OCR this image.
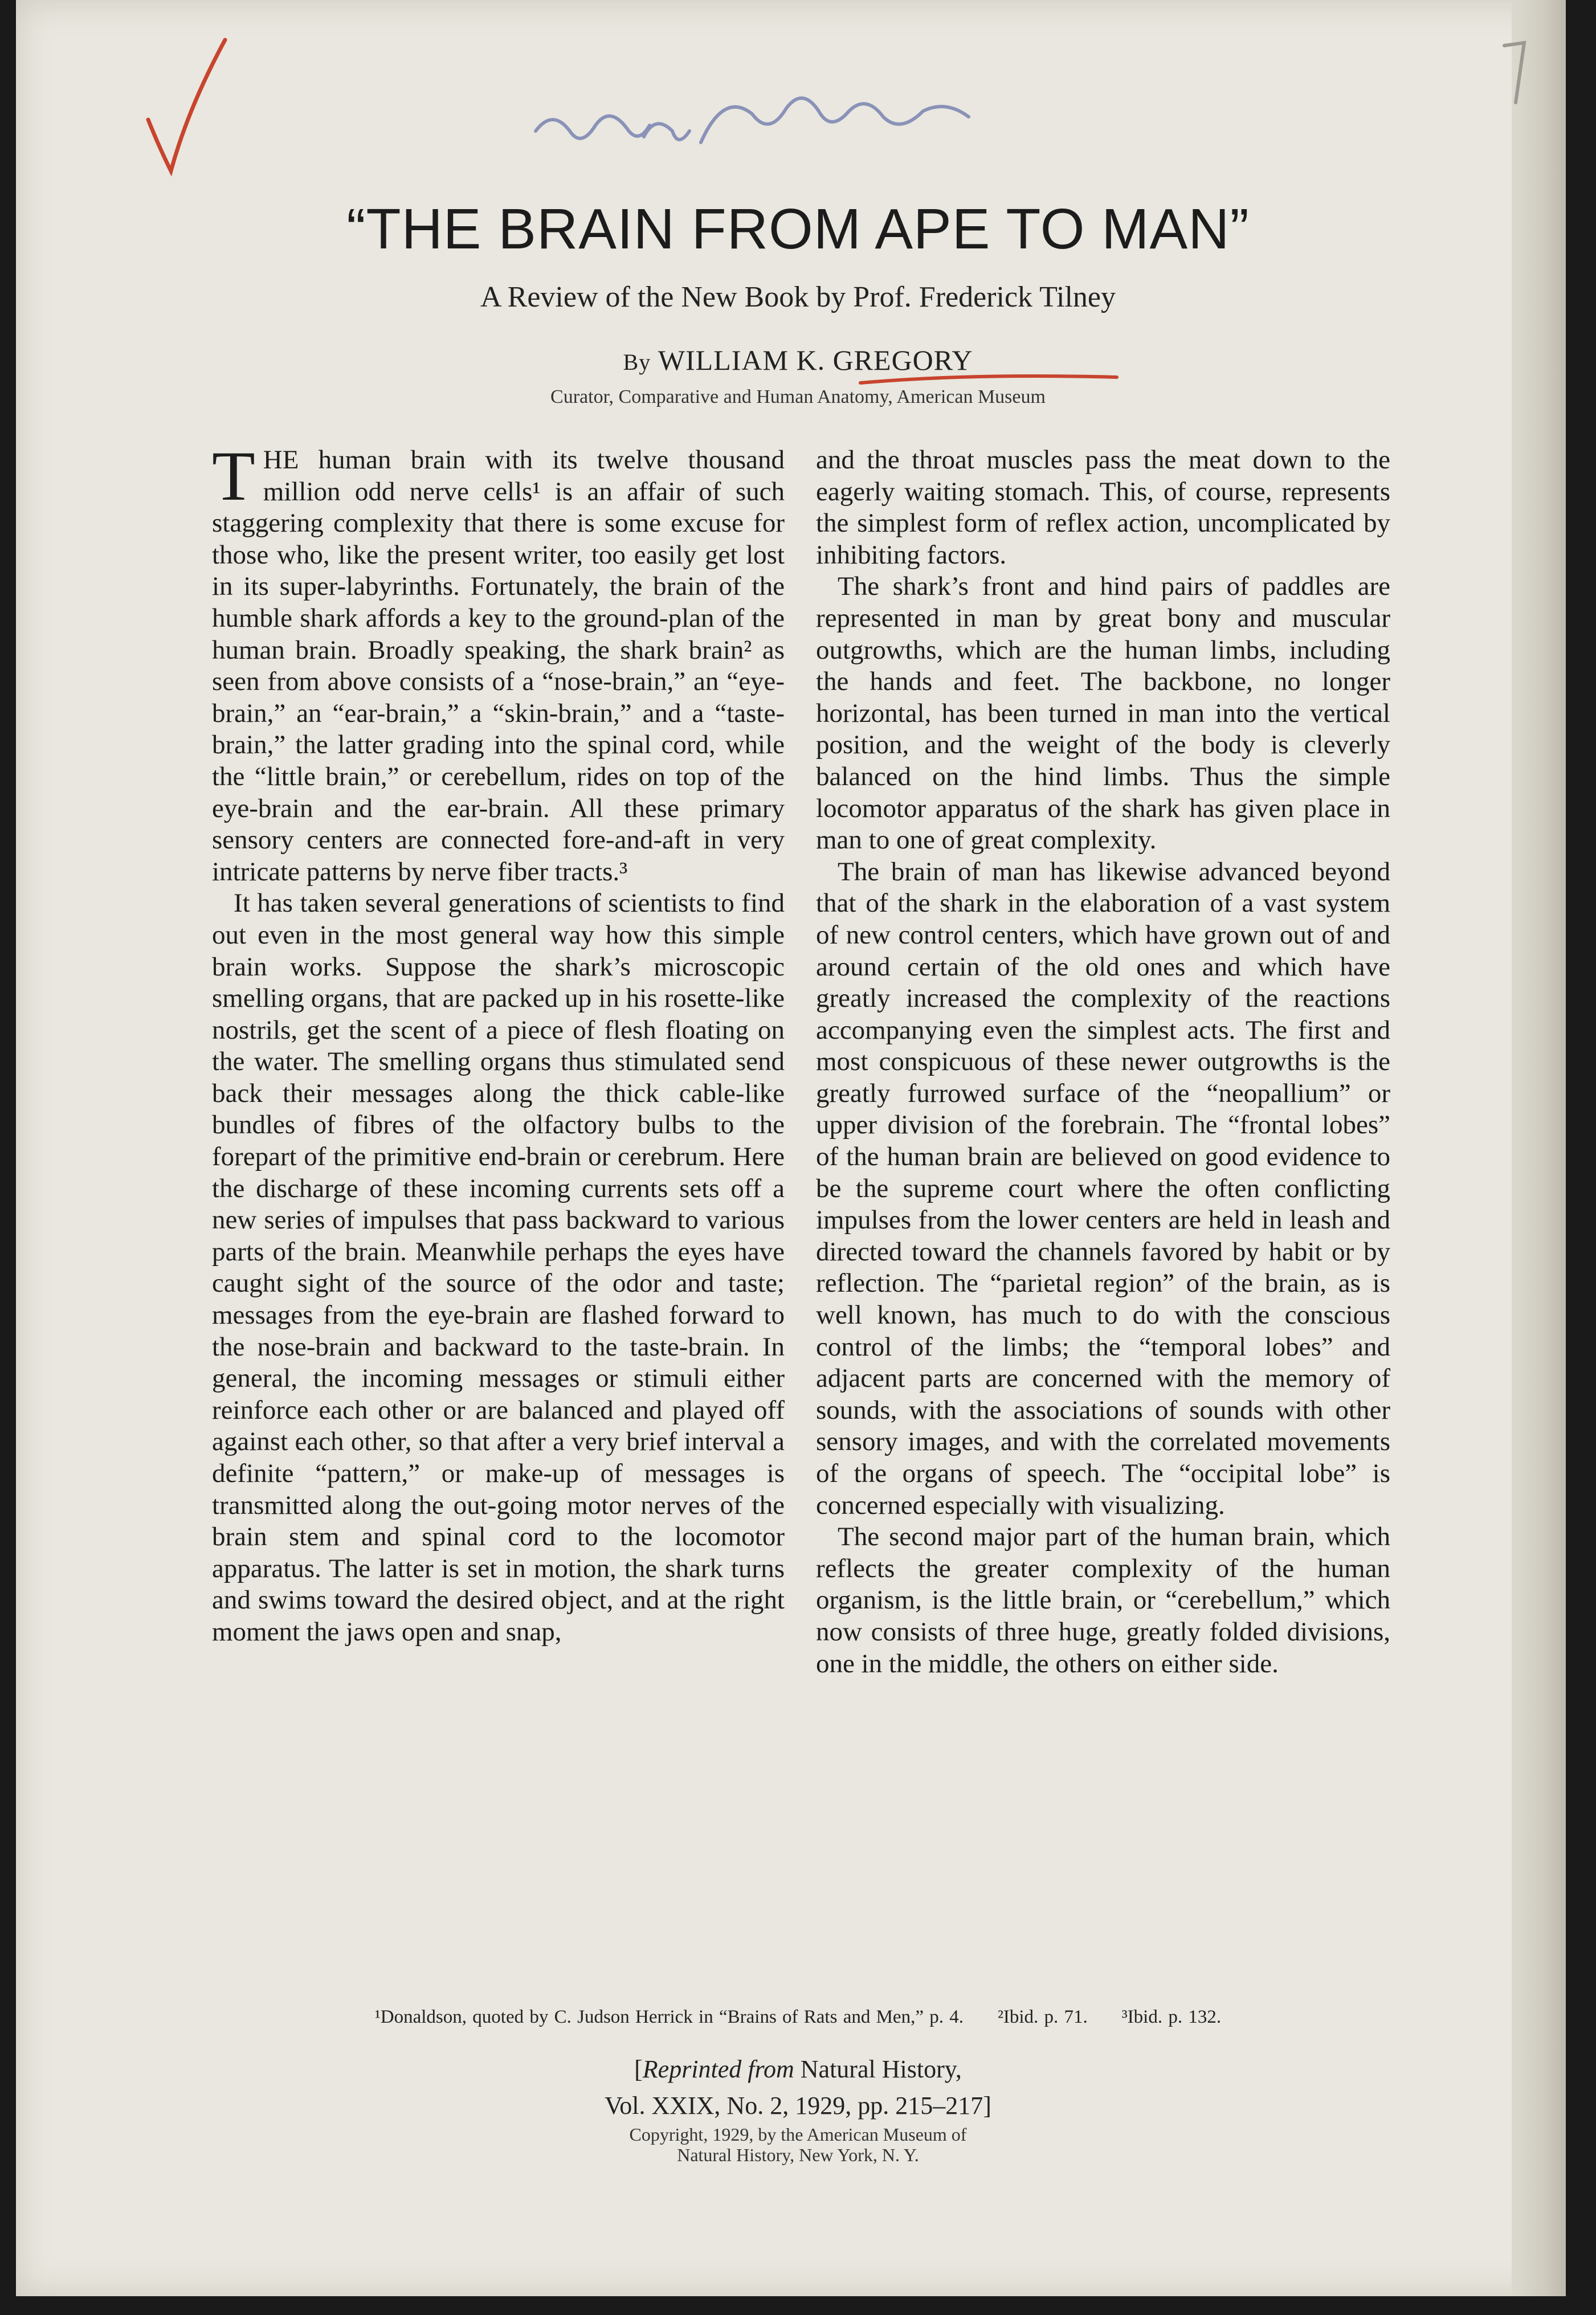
“THE BRAIN FROM APE TO MAN”
A Review of the New Book by Prof. Frederick Tilney
By WILLIAM K. GREGORY
Curator, Comparative and Human Anatomy, American Museum

THE human brain with its twelve thousand million odd nerve cells¹ is an affair of such staggering complexity that there is some excuse for those who, like the present writer, too easily get lost in its super-labyrinths. Fortunately, the brain of the humble shark affords a key to the ground-plan of the human brain. Broadly speaking, the shark brain² as seen from above consists of a “nose-brain,” an “eye-brain,” an “ear-brain,” a “skin-brain,” and a “taste-brain,” the latter grading into the spinal cord, while the “little brain,” or cerebellum, rides on top of the eye-brain and the ear-brain. All these primary sensory centers are connected fore-and-aft in very intricate patterns by nerve fiber tracts.³

It has taken several generations of scientists to find out even in the most general way how this simple brain works. Suppose the shark’s microscopic smelling organs, that are packed up in his rosette-like nostrils, get the scent of a piece of flesh floating on the water. The smelling organs thus stimulated send back their messages along the thick cable-like bundles of fibres of the olfactory bulbs to the forepart of the primitive end-brain or cerebrum. Here the discharge of these incoming currents sets off a new series of impulses that pass backward to various parts of the brain. Meanwhile perhaps the eyes have caught sight of the source of the odor and taste; messages from the eye-brain are flashed forward to the nose-brain and backward to the taste-brain. In general, the incoming messages or stimuli either reinforce each other or are balanced and played off against each other, so that after a very brief interval a definite “pattern,” or make-up of messages is transmitted along the out-going motor nerves of the brain stem and spinal cord to the locomotor apparatus. The latter is set in motion, the shark turns and swims toward the desired object, and at the right moment the jaws open and snap,

and the throat muscles pass the meat down to the eagerly waiting stomach. This, of course, represents the simplest form of reflex action, uncomplicated by inhibiting factors.

The shark’s front and hind pairs of paddles are represented in man by great bony and muscular outgrowths, which are the human limbs, including the hands and feet. The backbone, no longer horizontal, has been turned in man into the vertical position, and the weight of the body is cleverly balanced on the hind limbs. Thus the simple locomotor apparatus of the shark has given place in man to one of great complexity.

The brain of man has likewise advanced beyond that of the shark in the elaboration of a vast system of new control centers, which have grown out of and around certain of the old ones and which have greatly increased the complexity of the reactions accompanying even the simplest acts. The first and most conspicuous of these newer outgrowths is the greatly furrowed surface of the “neopallium” or upper division of the forebrain. The “frontal lobes” of the human brain are believed on good evidence to be the supreme court where the often conflicting impulses from the lower centers are held in leash and directed toward the channels favored by habit or by reflection. The “parietal region” of the brain, as is well known, has much to do with the conscious control of the limbs; the “temporal lobes” and adjacent parts are concerned with the memory of sounds, with the associations of sounds with other sensory images, and with the correlated movements of the organs of speech. The “occipital lobe” is concerned especially with visualizing.

The second major part of the human brain, which reflects the greater complexity of the human organism, is the little brain, or “cerebellum,” which now consists of three huge, greatly folded divisions, one in the middle, the others on either side.

¹Donaldson, quoted by C. Judson Herrick in “Brains of Rats and Men,” p. 4. ²Ibid. p. 71. ³Ibid. p. 132.
[Reprinted from Natural History,
Vol. XXIX, No. 2, 1929, pp. 215–217]
Copyright, 1929, by the American Museum of
Natural History, New York, N. Y.
